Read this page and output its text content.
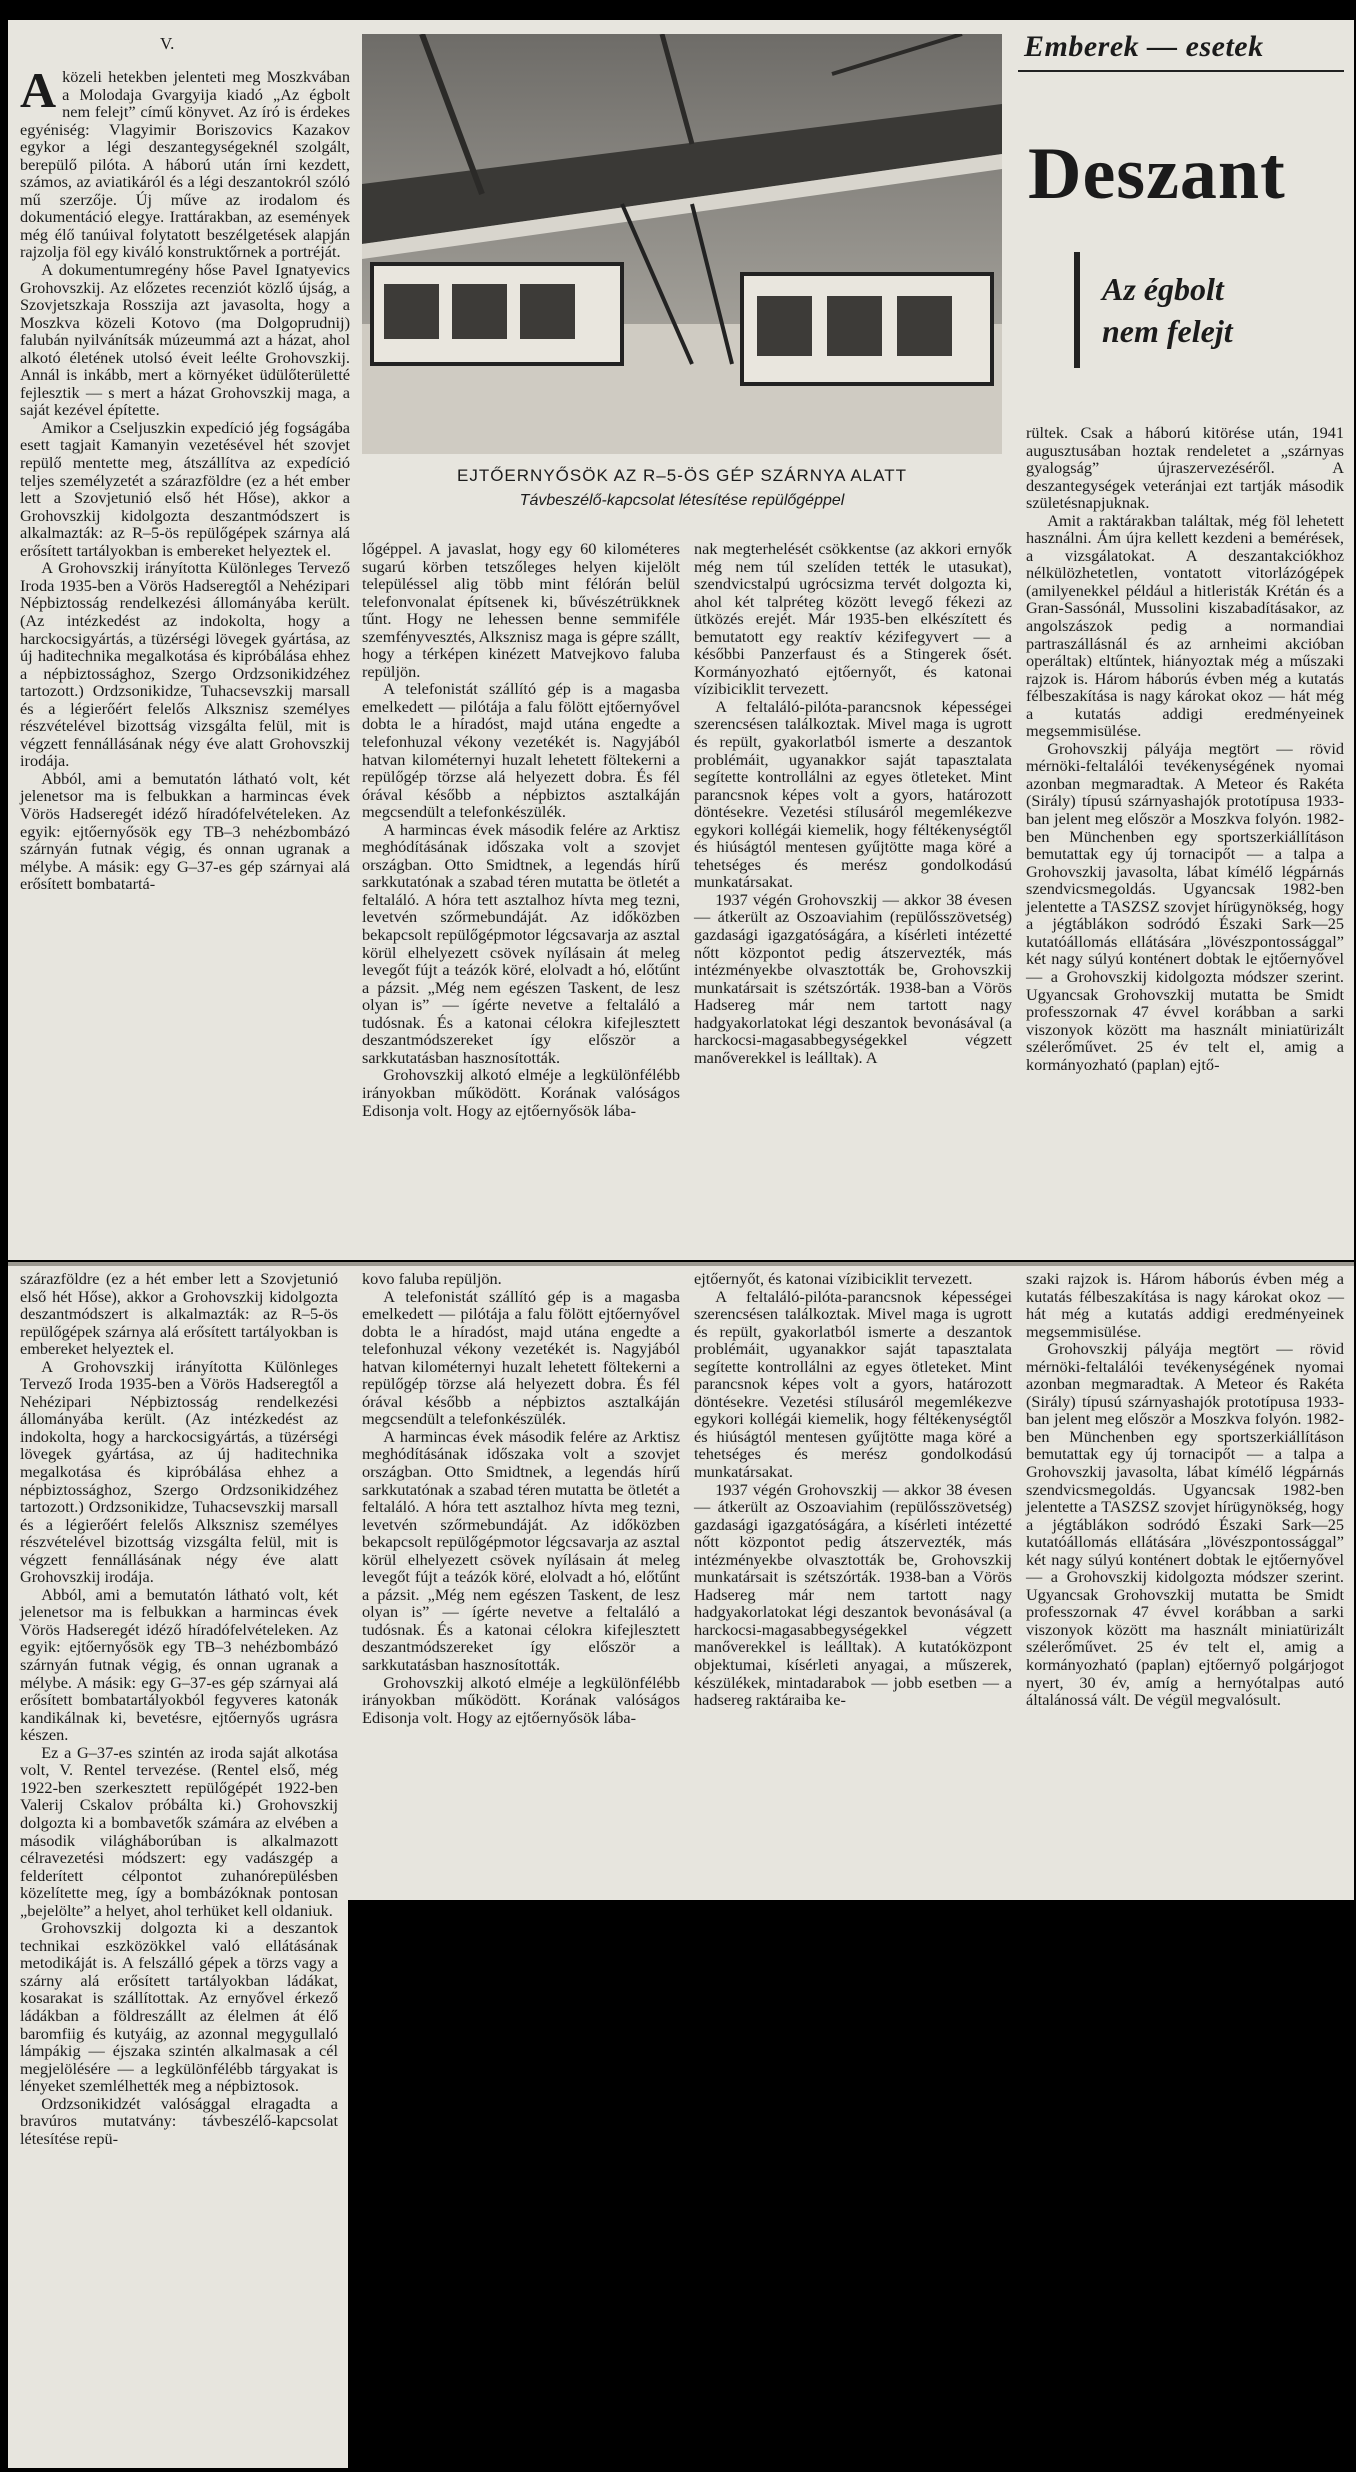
V.

Aközeli hetekben jelenteti meg Moszkvában a Molodaja Gvargyija kiadó „Az égbolt nem felejt” című könyvet. Az író is érdekes egyéniség: Vlagyimir Boriszovics Kazakov egykor a légi deszantegységeknél szolgált, berepülő pilóta. A háború után írni kezdett, számos, az aviatikáról és a légi deszantokról szóló mű szerzője. Új műve az irodalom és dokumentáció elegye. Irattárakban, az események még élő tanúival folytatott beszélgetések alapján rajzolja föl egy kiváló konstruktőrnek a portréját.

A dokumentumregény hőse Pavel Ignatyevics Grohovszkij. Az előzetes recenziót közlő újság, a Szovjetszkaja Rosszija azt javasolta, hogy a Moszkva közeli Kotovo (ma Dolgoprudnij) falubán nyilvánítsák múzeummá azt a házat, ahol alkotó életének utolsó éveit leélte Grohovszkij. Annál is inkább, mert a környéket üdülőterületté fejlesztik — s mert a házat Grohovszkij maga, a saját kezével építette.

Amikor a Cseljuszkin expedíció jég fogságába esett tagjait Kamanyin vezetésével hét szovjet repülő mentette meg, átszállítva az expedíció teljes személyzetét a szárazföldre (ez a hét ember lett a Szovjetunió első hét Hőse), akkor a Grohovszkij kidolgozta deszantmódszert is alkalmazták: az R–5-ös repülőgépek szárnya alá erősített tartályokban is embereket helyeztek el.

A Grohovszkij irányította Különleges Tervező Iroda 1935-ben a Vörös Hadseregtől a Nehézipari Népbiztosság rendelkezési állományába került. (Az intézkedést az indokolta, hogy a harckocsigyártás, a tüzérségi lövegek gyártása, az új haditechnika megalkotása és kipróbálása ehhez a népbiztossághoz, Szergo Ordzsonikidzéhez tartozott.) Ordzsonikidze, Tuhacsevszkij marsall és a légierőért felelős Alksznisz személyes részvételével bizottság vizsgálta felül, mit is végzett fennállásának négy éve alatt Grohovszkij irodája.

Abból, ami a bemutatón látható volt, két jelenetsor ma is felbukkan a harmincas évek Vörös Hadseregét idéző híradófelvételeken. Az egyik: ejtőernyősök egy TB–3 nehézbombázó szárnyán futnak végig, és onnan ugranak a mélybe. A másik: egy G–37-es gép szárnyai alá erősített bombatartá-

EJTŐERNYŐSÖK AZ R–5-ÖS GÉP SZÁRNYA ALATT
Távbeszélő-kapcsolat létesítése repülőgéppel
Emberek — esetek
Deszant
Az égbolt
nem felejt

lőgéppel. A javaslat, hogy egy 60 kilométeres sugarú körben tetszőleges helyen kijelölt településsel alig több mint félórán belül telefonvonalat építsenek ki, bűvészétrükknek tűnt. Hogy ne lehessen benne semmiféle szemfényvesztés, Alksznisz maga is gépre szállt, hogy a térképen kinézett Matvejkovo faluba repüljön.

A telefonistát szállító gép is a magasba emelkedett — pilótája a falu fölött ejtőernyővel dobta le a híradóst, majd utána engedte a telefonhuzal vékony vezetékét is. Nagyjából hatvan kilométernyi huzalt lehetett föltekerni a repülőgép törzse alá helyezett dobra. És fél órával később a népbiztos asztalkáján megcsendült a telefonkészülék.

A harmincas évek második felére az Arktisz meghódításának időszaka volt a szovjet országban. Otto Smidtnek, a legendás hírű sarkkutatónak a szabad téren mutatta be ötletét a feltaláló. A hóra tett asztalhoz hívta meg tezni, levetvén szőrmebundáját. Az időközben bekapcsolt repülőgépmotor légcsavarja az asztal körül elhelyezett csövek nyílásain át meleg levegőt fújt a teázók köré, elolvadt a hó, előtűnt a pázsit. „Még nem egészen Taskent, de lesz olyan is” — ígérte nevetve a feltaláló a tudósnak. És a katonai célokra kifejlesztett deszantmódszereket így először a sarkkutatásban hasznosították.

Grohovszkij alkotó elméje a legkülönfélébb irányokban működött. Korának valóságos Edisonja volt. Hogy az ejtőernyősök lába-

nak megterhelését csökkentse (az akkori ernyők még nem túl szelíden tették le utasukat), szendvicstalpú ugrócsizma tervét dolgozta ki, ahol két talpréteg között levegő fékezi az ütközés erejét. Már 1935-ben elkészített és bemutatott egy reaktív kézifegyvert — a későbbi Panzerfaust és a Stingerek ősét. Kormányozható ejtőernyőt, és katonai vízibiciklit tervezett.

A feltaláló-pilóta-parancsnok képességei szerencsésen találkoztak. Mivel maga is ugrott és repült, gyakorlatból ismerte a deszantok problémáit, ugyanakkor saját tapasztalata segítette kontrollálni az egyes ötleteket. Mint parancsnok képes volt a gyors, határozott döntésekre. Vezetési stílusáról megemlékezve egykori kollégái kiemelik, hogy féltékenységtől és hiúságtól mentesen gyűjtötte maga köré a tehetséges és merész gondolkodású munkatársakat.

1937 végén Grohovszkij — akkor 38 évesen — átkerült az Oszoaviahim (repülősszövetség) gazdasági igazgatóságára, a kísérleti intézetté nőtt központot pedig átszervezték, más intézményekbe olvasztották be, Grohovszkij munkatársait is szétszórták. 1938-ban a Vörös Hadsereg már nem tartott nagy hadgyakorlatokat légi deszantok bevonásával (a harckocsi-magasabbegységekkel végzett manőverekkel is leálltak). A

rültek. Csak a háború kitörése után, 1941 augusztusában hoztak rendeletet a „szárnyas gyalogság” újraszervezéséről. A deszantegységek veteránjai ezt tartják második születésnapjuknak.

Amit a raktárakban találtak, még föl lehetett használni. Ám újra kellett kezdeni a bemérések, a vizsgálatokat. A deszantakciókhoz nélkülözhetetlen, vontatott vitorlázógépek (amilyenekkel például a hitleristák Krétán és a Gran-Sassónál, Mussolini kiszabadításakor, az angolszászok pedig a normandiai partraszállásnál és az arnheimi akcióban operáltak) eltűntek, hiányoztak még a műszaki rajzok is. Három háborús évben még a kutatás félbeszakítása is nagy károkat okoz — hát még a kutatás addigi eredményeinek megsemmisülése.

Grohovszkij pályája megtört — rövid mérnöki-feltalálói tevékenységének nyomai azonban megmaradtak. A Meteor és Rakéta (Sirály) típusú szárnyashajók prototípusa 1933-ban jelent meg először a Moszkva folyón. 1982-ben Münchenben egy sportszerkiállításon bemutattak egy új tornacipőt — a talpa a Grohovszkij javasolta, lábat kímélő légpárnás szendvicsmegoldás. Ugyancsak 1982-ben jelentette a TASZSZ szovjet hírügynökség, hogy a jégtáblákon sodródó Északi Sark—25 kutatóállomás ellátására „lövészpontossággal” két nagy súlyú konténert dobtak le ejtőernyővel — a Grohovszkij kidolgozta módszer szerint. Ugyancsak Grohovszkij mutatta be Smidt professzornak 47 évvel korábban a sarki viszonyok között ma használt miniatürizált szélerőművet. 25 év telt el, amig a kormányozható (paplan) ejtő-

kovo faluba repüljön.

A telefonistát szállító gép is a magasba emelkedett — pilótája a falu fölött ejtőernyővel dobta le a híradóst, majd utána engedte a telefonhuzal vékony vezetékét is. Nagyjából hatvan kilométernyi huzalt lehetett föltekerni a repülőgép törzse alá helyezett dobra. És fél órával később a népbiztos asztalkáján megcsendült a telefonkészülék.

A harmincas évek második felére az Arktisz meghódításának időszaka volt a szovjet országban. Otto Smidtnek, a legendás hírű sarkkutatónak a szabad téren mutatta be ötletét a feltaláló. A hóra tett asztalhoz hívta meg tezni, levetvén szőrmebundáját. Az időközben bekapcsolt repülőgépmotor légcsavarja az asztal körül elhelyezett csövek nyílásain át meleg levegőt fújt a teázók köré, elolvadt a hó, előtűnt a pázsit. „Még nem egészen Taskent, de lesz olyan is” — ígérte nevetve a feltaláló a tudósnak. És a katonai célokra kifejlesztett deszantmódszereket így először a sarkkutatásban hasznosították.

Grohovszkij alkotó elméje a legkülönfélébb irányokban működött. Korának valóságos Edisonja volt. Hogy az ejtőernyősök lába-

ejtőernyőt, és katonai vízibiciklit tervezett.

A feltaláló-pilóta-parancsnok képességei szerencsésen találkoztak. Mivel maga is ugrott és repült, gyakorlatból ismerte a deszantok problémáit, ugyanakkor saját tapasztalata segítette kontrollálni az egyes ötleteket. Mint parancsnok képes volt a gyors, határozott döntésekre. Vezetési stílusáról megemlékezve egykori kollégái kiemelik, hogy féltékenységtől és hiúságtól mentesen gyűjtötte maga köré a tehetséges és merész gondolkodású munkatársakat.

1937 végén Grohovszkij — akkor 38 évesen — átkerült az Oszoaviahim (repülősszövetség) gazdasági igazgatóságára, a kísérleti intézetté nőtt központot pedig átszervezték, más intézményekbe olvasztották be, Grohovszkij munkatársait is szétszórták. 1938-ban a Vörös Hadsereg már nem tartott nagy hadgyakorlatokat légi deszantok bevonásával (a harckocsi-magasabbegységekkel végzett manőverekkel is leálltak). A kutatóközpont objektumai, kísérleti anyagai, a műszerek, készülékek, mintadarabok — jobb esetben — a hadsereg raktáraiba ke-

szaki rajzok is. Három háborús évben még a kutatás félbeszakítása is nagy károkat okoz — hát még a kutatás addigi eredményeinek megsemmisülése.

Grohovszkij pályája megtört — rövid mérnöki-feltalálói tevékenységének nyomai azonban megmaradtak. A Meteor és Rakéta (Sirály) típusú szárnyashajók prototípusa 1933-ban jelent meg először a Moszkva folyón. 1982-ben Münchenben egy sportszerkiállításon bemutattak egy új tornacipőt — a talpa a Grohovszkij javasolta, lábat kímélő légpárnás szendvicsmegoldás. Ugyancsak 1982-ben jelentette a TASZSZ szovjet hírügynökség, hogy a jégtáblákon sodródó Északi Sark—25 kutatóállomás ellátására „lövészpontossággal” két nagy súlyú konténert dobtak le ejtőernyővel — a Grohovszkij kidolgozta módszer szerint. Ugyancsak Grohovszkij mutatta be Smidt professzornak 47 évvel korábban a sarki viszonyok között ma használt miniatürizált szélerőművet. 25 év telt el, amig a kormányozható (paplan) ejtőernyő polgárjogot nyert, 30 év, amíg a hernyótalpas autó általánossá vált. De végül megvalósult.

szárazföldre (ez a hét ember lett a Szovjetunió első hét Hőse), akkor a Grohovszkij kidolgozta deszantmódszert is alkalmazták: az R–5-ös repülőgépek szárnya alá erősített tartályokban is embereket helyeztek el.

A Grohovszkij irányította Különleges Tervező Iroda 1935-ben a Vörös Hadseregtől a Nehézipari Népbiztosság rendelkezési állományába került. (Az intézkedést az indokolta, hogy a harckocsigyártás, a tüzérségi lövegek gyártása, az új haditechnika megalkotása és kipróbálása ehhez a népbiztossághoz, Szergo Ordzsonikidzéhez tartozott.) Ordzsonikidze, Tuhacsevszkij marsall és a légierőért felelős Alksznisz személyes részvételével bizottság vizsgálta felül, mit is végzett fennállásának négy éve alatt Grohovszkij irodája.

Abból, ami a bemutatón látható volt, két jelenetsor ma is felbukkan a harmincas évek Vörös Hadseregét idéző híradófelvételeken. Az egyik: ejtőernyősök egy TB–3 nehézbombázó szárnyán futnak végig, és onnan ugranak a mélybe. A másik: egy G–37-es gép szárnyai alá erősített bombatartályokból fegyveres katonák kandikálnak ki, bevetésre, ejtőernyős ugrásra készen.

Ez a G–37-es szintén az iroda saját alkotása volt, V. Rentel tervezése. (Rentel első, még 1922-ben szerkesztett repülőgépét 1922-ben Valerij Cskalov próbálta ki.) Grohovszkij dolgozta ki a bombavetők számára az elvében a második világháborúban is alkalmazott célravezetési módszert: egy vadászgép a felderített célpontot zuhanórepülésben közelítette meg, így a bombázóknak pontosan „bejelölte” a helyet, ahol terhüket kell oldaniuk.

Grohovszkij dolgozta ki a deszantok technikai eszközökkel való ellátásának metodikáját is. A felszálló gépek a törzs vagy a szárny alá erősített tartályokban ládákat, kosarakat is szállítottak. Az ernyővel érkező ládákban a földreszállt az élelmen át élő baromfiig és kutyáig, az azonnal megygullaló lámpákig — éjszaka szintén alkalmasak a cél megjelölésére — a legkülönfélébb tárgyakat is lényeket szemlélhették meg a népbiztosok.

Ordzsonikidzét valósággal elragadta a bravúros mutatvány: távbeszélő-kapcsolat létesítése repü-
